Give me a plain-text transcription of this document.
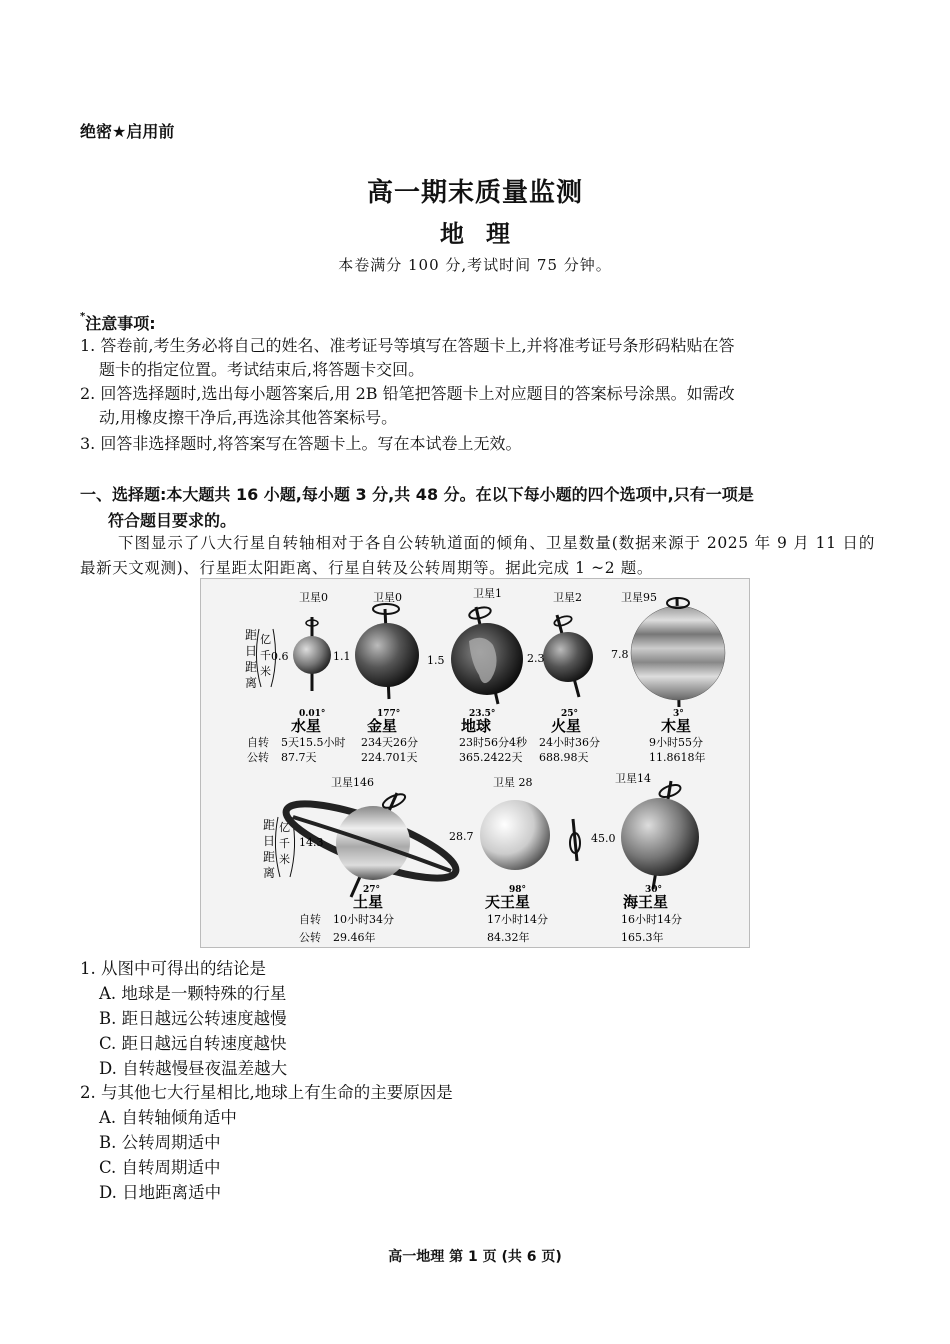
绝密★启用前
高一期末质量监测
地理
本卷满分 100 分,考试时间 75 分钟。
*注意事项:
1. 答卷前,考生务必将自己的姓名、准考证号等填写在答题卡上,并将准考证号条形码粘贴在答
题卡的指定位置。考试结束后,将答题卡交回。
2. 回答选择题时,选出每小题答案后,用 2B 铅笔把答题卡上对应题目的答案标号涂黑。如需改
动,用橡皮擦干净后,再选涂其他答案标号。
3. 回答非选择题时,将答案写在答题卡上。写在本试卷上无效。
一、选择题:本大题共 16 小题,每小题 3 分,共 48 分。在以下每小题的四个选项中,只有一项是
符合题目要求的。
下图显示了八大行星自转轴相对于各自公转轨道面的倾角、卫星数量(数据来源于 2025 年 9 月 11 日的最新天文观测)、行星距太阳距离、行星自转及公转周期等。据此完成 1 ~2 题。
距
日
距
离
亿
千
米
距
日
距
离
亿
千
米
卫星0
0.6
0.01°
水星
卫星0
1.1
177°
金星
卫星1
1.5
23.5°
地球
23时56分4秒
365.2422天
卫星2
2.3
25°
火星
24小时36分
688.98天
卫星95
7.8
3°
木星
9小时55分
11.8618年
自转
公转
5天15.5小时
87.7天
234天26分
224.701天
卫星146
14.3
27°
土星
自转
公转
10小时34分
29.46年
卫星 28
28.7
98°
天王星
17小时14分
84.32年
卫星14
45.0
30°
海王星
16小时14分
165.3年
1. 从图中可得出的结论是
A. 地球是一颗特殊的行星
B. 距日越远公转速度越慢
C. 距日越远自转速度越快
D. 自转越慢昼夜温差越大
2. 与其他七大行星相比,地球上有生命的主要原因是
A. 自转轴倾角适中
B. 公转周期适中
C. 自转周期适中
D. 日地距离适中
高一地理 第 1 页 (共 6 页)
